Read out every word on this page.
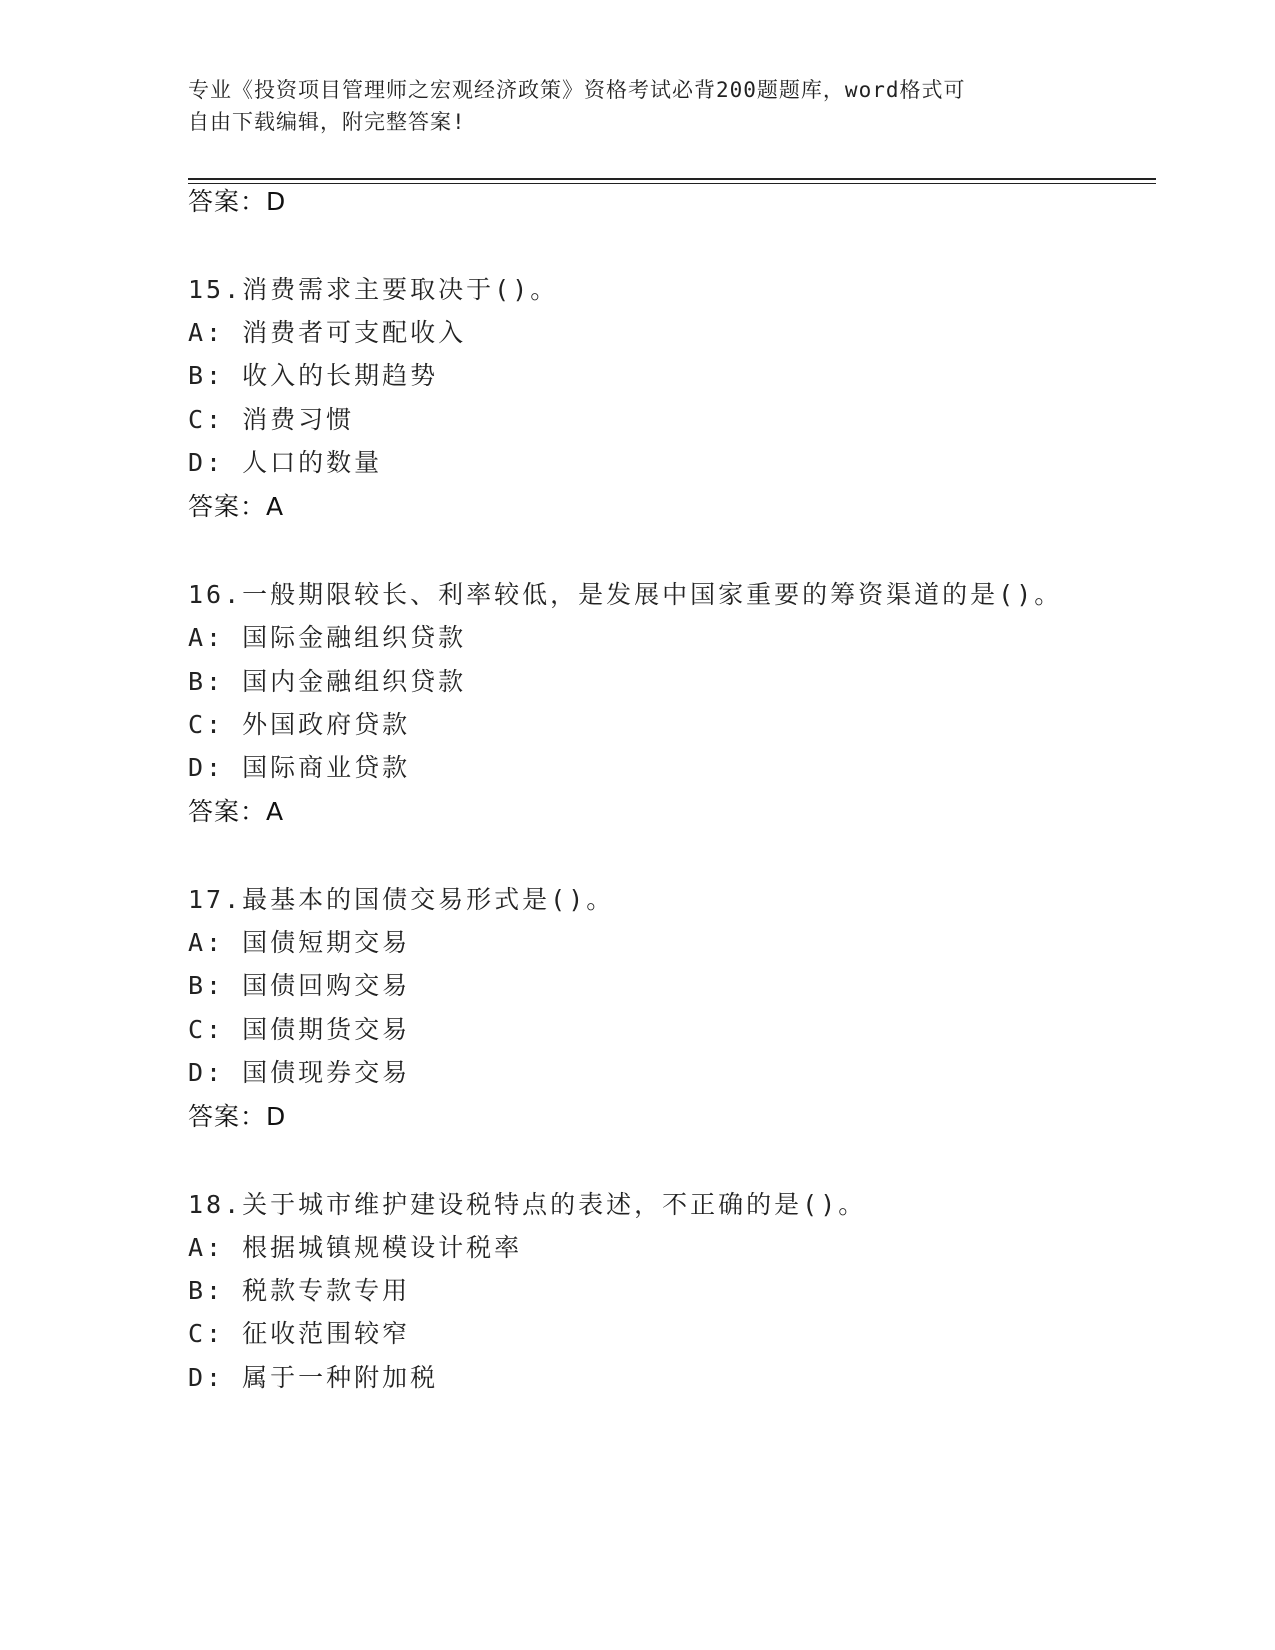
专业《投资项目管理师之宏观经济政策》资格考试必背200题题库，word格式可
自由下载编辑，附完整答案!
答案：D
15.消费需求主要取决于()。
A: 消费者可支配收入
B: 收入的长期趋势
C: 消费习惯
D: 人口的数量
答案：A
16.一般期限较长、利率较低，是发展中国家重要的筹资渠道的是()。
A: 国际金融组织贷款
B: 国内金融组织贷款
C: 外国政府贷款
D: 国际商业贷款
答案：A
17.最基本的国债交易形式是()。
A: 国债短期交易
B: 国债回购交易
C: 国债期货交易
D: 国债现券交易
答案：D
18.关于城市维护建设税特点的表述，不正确的是()。
A: 根据城镇规模设计税率
B: 税款专款专用
C: 征收范围较窄
D: 属于一种附加税
